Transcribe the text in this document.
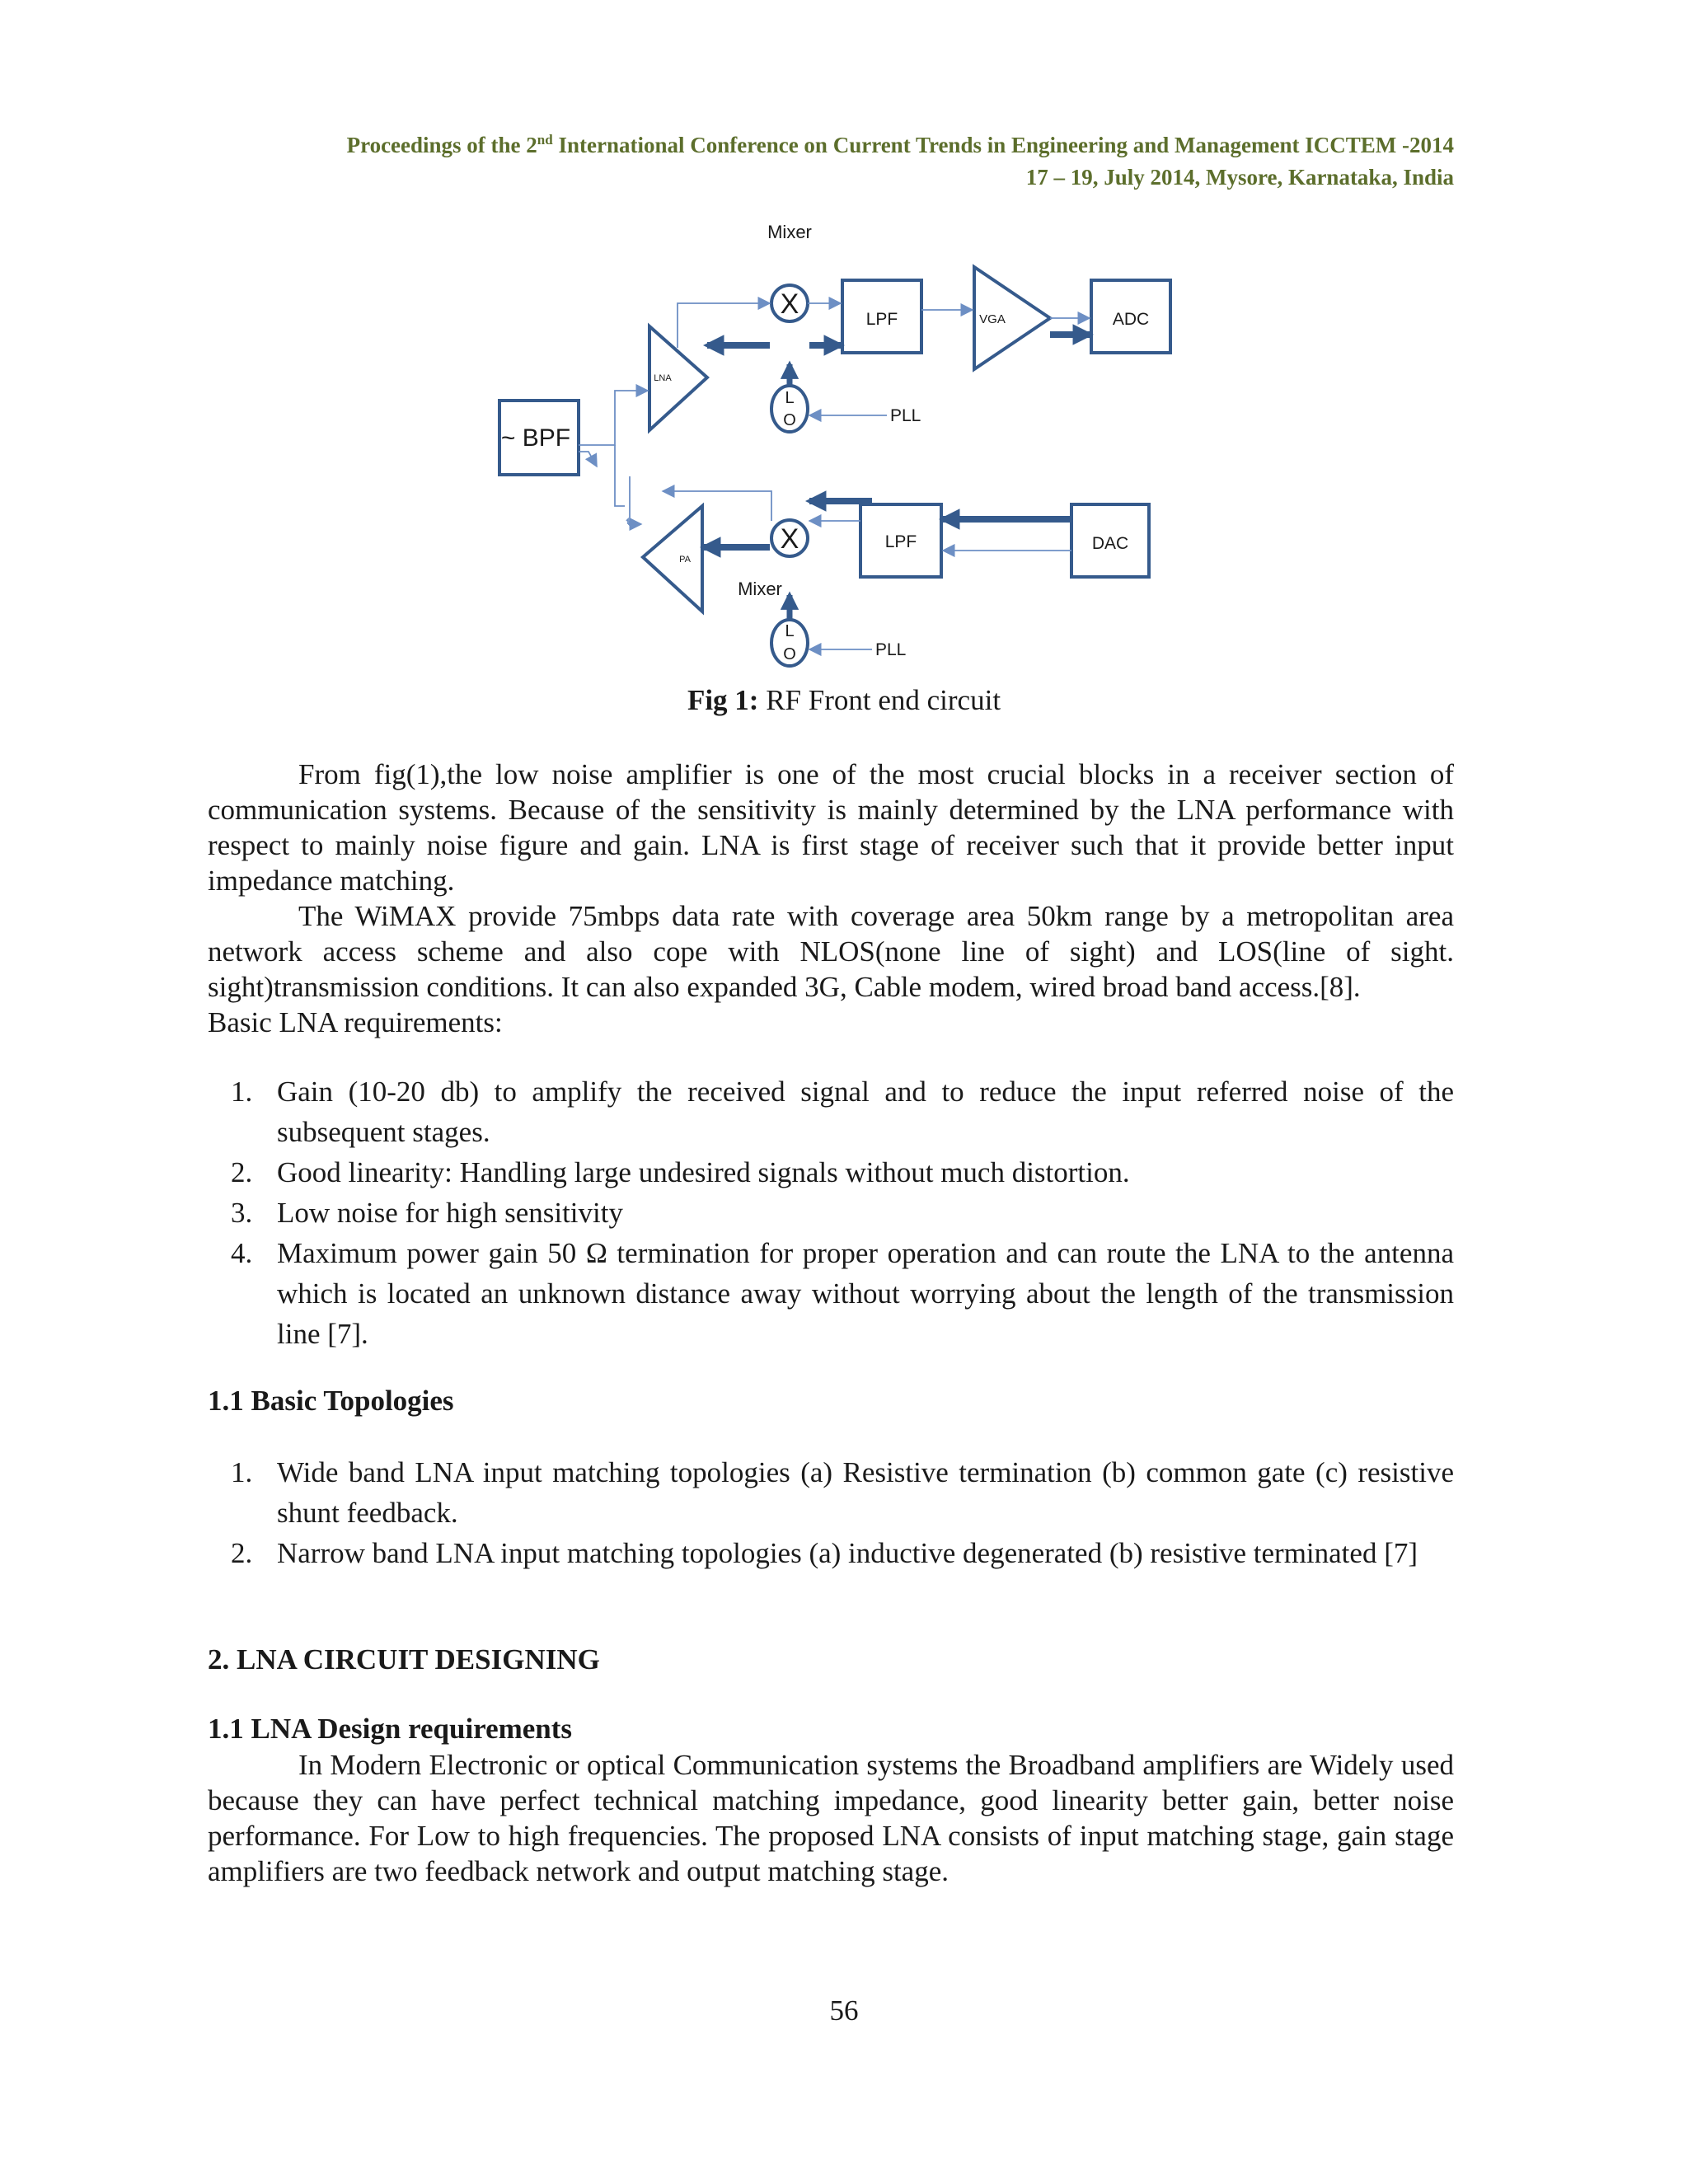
Proceedings of the 2nd International Conference on Current Trends in Engineering and Management ICCTEM -2014
17 – 19, July 2014, Mysore, Karnataka, India
Mixer
X
L
O
LPF	VGA	ADC
LNA
~ BPF
PLL
X
Mixer
L
O
LPF	DAC
PA
PLL
Fig 1: RF Front end circuit
From fig(1),the low noise amplifier is one of the most crucial blocks in a receiver section of communication systems. Because of the sensitivity is mainly determined by the LNA performance with respect to mainly noise figure and gain. LNA is first stage of receiver such that it provide better input impedance matching.
The WiMAX provide 75mbps data rate with coverage area 50km range by a metropolitan area network access scheme and also cope with NLOS(none line of sight) and LOS(line of sight. sight)transmission conditions. It can also expanded 3G, Cable modem, wired broad band access.[8].
Basic LNA requirements:
1. Gain (10-20 db) to amplify the received signal and to reduce the input referred noise of the subsequent stages.
2. Good linearity: Handling large undesired signals without much distortion.
3. Low noise for high sensitivity
4. Maximum power gain 50 Ω termination for proper operation and can route the LNA to the antenna which is located an unknown distance away without worrying about the length of the transmission line [7].
1.1 Basic Topologies
1. Wide band LNA input matching topologies (a) Resistive termination (b) common gate (c) resistive shunt feedback.
2. Narrow band LNA input matching topologies (a) inductive degenerated (b) resistive terminated [7]
2. LNA CIRCUIT DESIGNING
1.1 LNA Design requirements
In Modern Electronic or optical Communication systems the Broadband amplifiers are Widely used because they can have perfect technical matching impedance, good linearity better gain, better noise performance. For Low to high frequencies. The proposed LNA consists of input matching stage, gain stage amplifiers are two feedback network and output matching stage.
56
